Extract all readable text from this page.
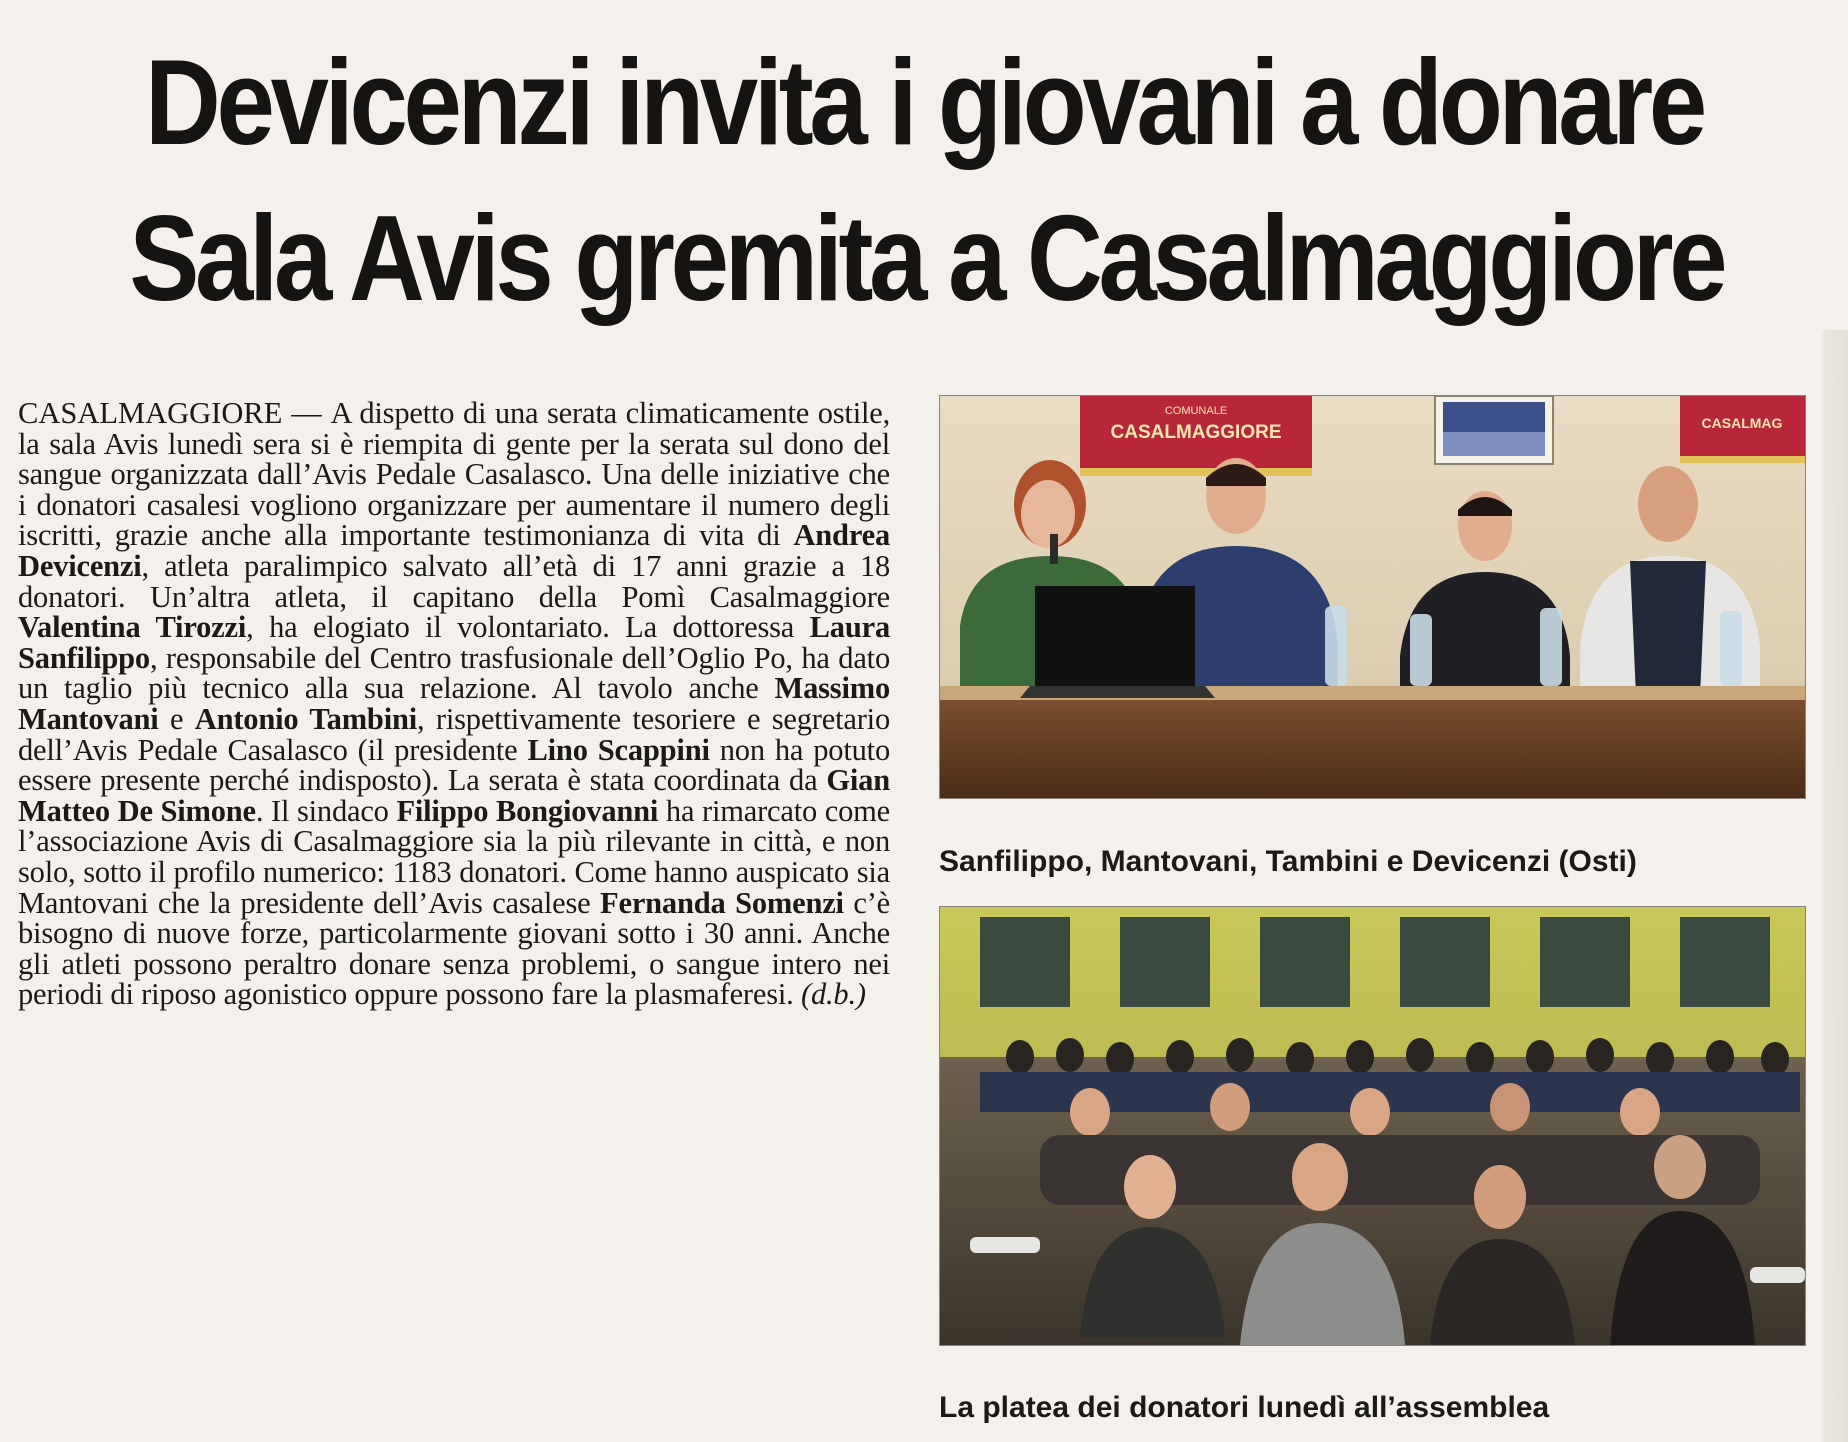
Devicenzi invita i giovani a donare
Sala Avis gremita a Casalmaggiore

CASALMAGGIORE — A dispetto di una serata climaticamente ostile, la sala Avis lunedì sera si è riempita di gente per la serata sul dono del sangue organizzata dall’Avis Pedale Casalasco. Una delle iniziative che i donatori casalesi vogliono organizzare per aumentare il numero degli iscritti, grazie anche alla importante testimonianza di vita di Andrea Devicenzi, atleta paralimpico salvato all’età di 17 anni grazie a 18 donatori. Un’altra atleta, il capitano della Pomì Casalmaggiore Valentina Tirozzi, ha elogiato il volontariato. La dottoressa Laura Sanfilippo, responsabile del Centro trasfusionale dell’Oglio Po, ha dato un taglio più tecnico alla sua relazione. Al tavolo anche Massimo Mantovani e Antonio Tambini, rispettivamente tesoriere e segretario dell’Avis Pedale Casalasco (il presidente Lino Scappini non ha potuto essere presente perché indisposto). La serata è stata coordinata da Gian Matteo De Simone. Il sindaco Filippo Bongiovanni ha rimarcato come l’associazione Avis di Casalmaggiore sia la più rilevante in città, e non solo, sotto il profilo numerico: 1183 donatori. Come hanno auspicato sia Mantovani che la presidente dell’Avis casalese Fernanda Somenzi c’è bisogno di nuove forze, particolarmente giovani sotto i 30 anni. Anche gli atleti possono peraltro donare senza problemi, o sangue intero nei periodi di riposo agonistico oppure possono fare la plasmaferesi. (d.b.)

COMUNALE
CASALMAGGIORE	CASALMAG
Sanfilippo, Mantovani, Tambini e Devicenzi (Osti)
La platea dei donatori lunedì all’assemblea
